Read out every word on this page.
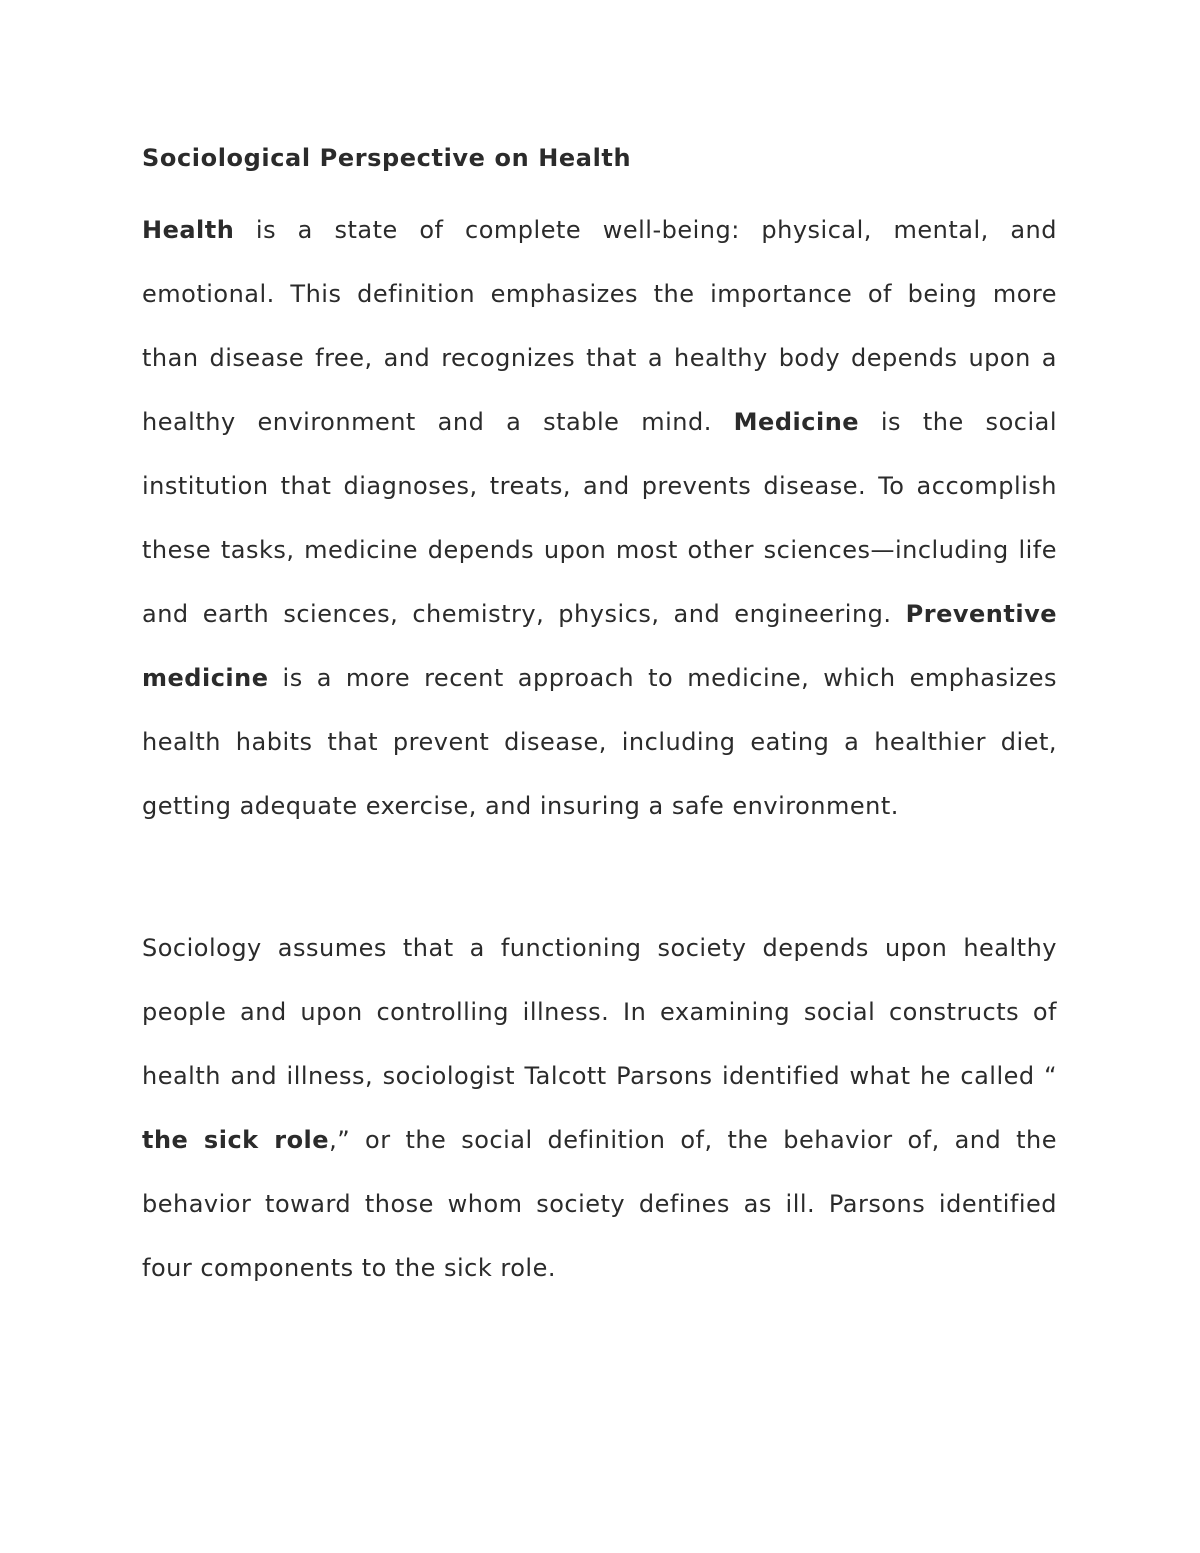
Sociological Perspective on Health

Health is a state of complete well-being: physical, mental, and emotional. This definition emphasizes the importance of being more than disease free, and recognizes that a healthy body depends upon a healthy environment and a stable mind. Medicine is the social institution that diagnoses, treats, and prevents disease. To accomplish these tasks, medicine depends upon most other sciences—including life and earth sciences, chemistry, physics, and engineering. Preventive medicine is a more recent approach to medicine, which emphasizes health habits that prevent disease, including eating a healthier diet, getting adequate exercise, and insuring a safe environment.

Sociology assumes that a functioning society depends upon healthy people and upon controlling illness. In examining social constructs of health and illness, sociologist Talcott Parsons identified what he called “ the sick role,” or the social definition of, the behavior of, and the behavior toward those whom society defines as ill. Parsons identified four components to the sick role.
